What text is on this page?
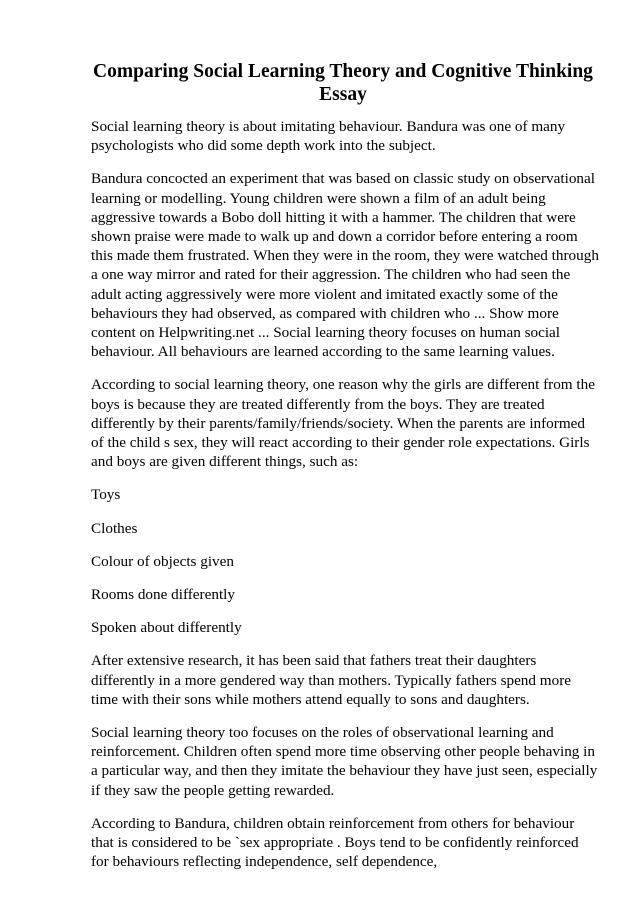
Comparing Social Learning Theory and Cognitive Thinking Essay

Social learning theory is about imitating behaviour. Bandura was one of many psychologists who did some depth work into the subject.

Bandura concocted an experiment that was based on classic study on observational learning or modelling. Young children were shown a film of an adult being aggressive towards a Bobo doll hitting it with a hammer. The children that were shown praise were made to walk up and down a corridor before entering a room this made them frustrated. When they were in the room, they were watched through a one way mirror and rated for their aggression. The children who had seen the adult acting aggressively were more violent and imitated exactly some of the behaviours they had observed, as compared with children who ... Show more content on Helpwriting.net ... Social learning theory focuses on human social behaviour. All behaviours are learned according to the same learning values.

According to social learning theory, one reason why the girls are different from the boys is because they are treated differently from the boys. They are treated differently by their parents/family/friends/society. When the parents are informed of the child s sex, they will react according to their gender role expectations. Girls and boys are given different things, such as:

Toys

Clothes

Colour of objects given

Rooms done differently

Spoken about differently

After extensive research, it has been said that fathers treat their daughters differently in a more gendered way than mothers. Typically fathers spend more time with their sons while mothers attend equally to sons and daughters.

Social learning theory too focuses on the roles of observational learning and reinforcement. Children often spend more time observing other people behaving in a particular way, and then they imitate the behaviour they have just seen, especially if they saw the people getting rewarded.

According to Bandura, children obtain reinforcement from others for behaviour that is considered to be `sex appropriate . Boys tend to be confidently reinforced for behaviours reflecting independence, self dependence,
